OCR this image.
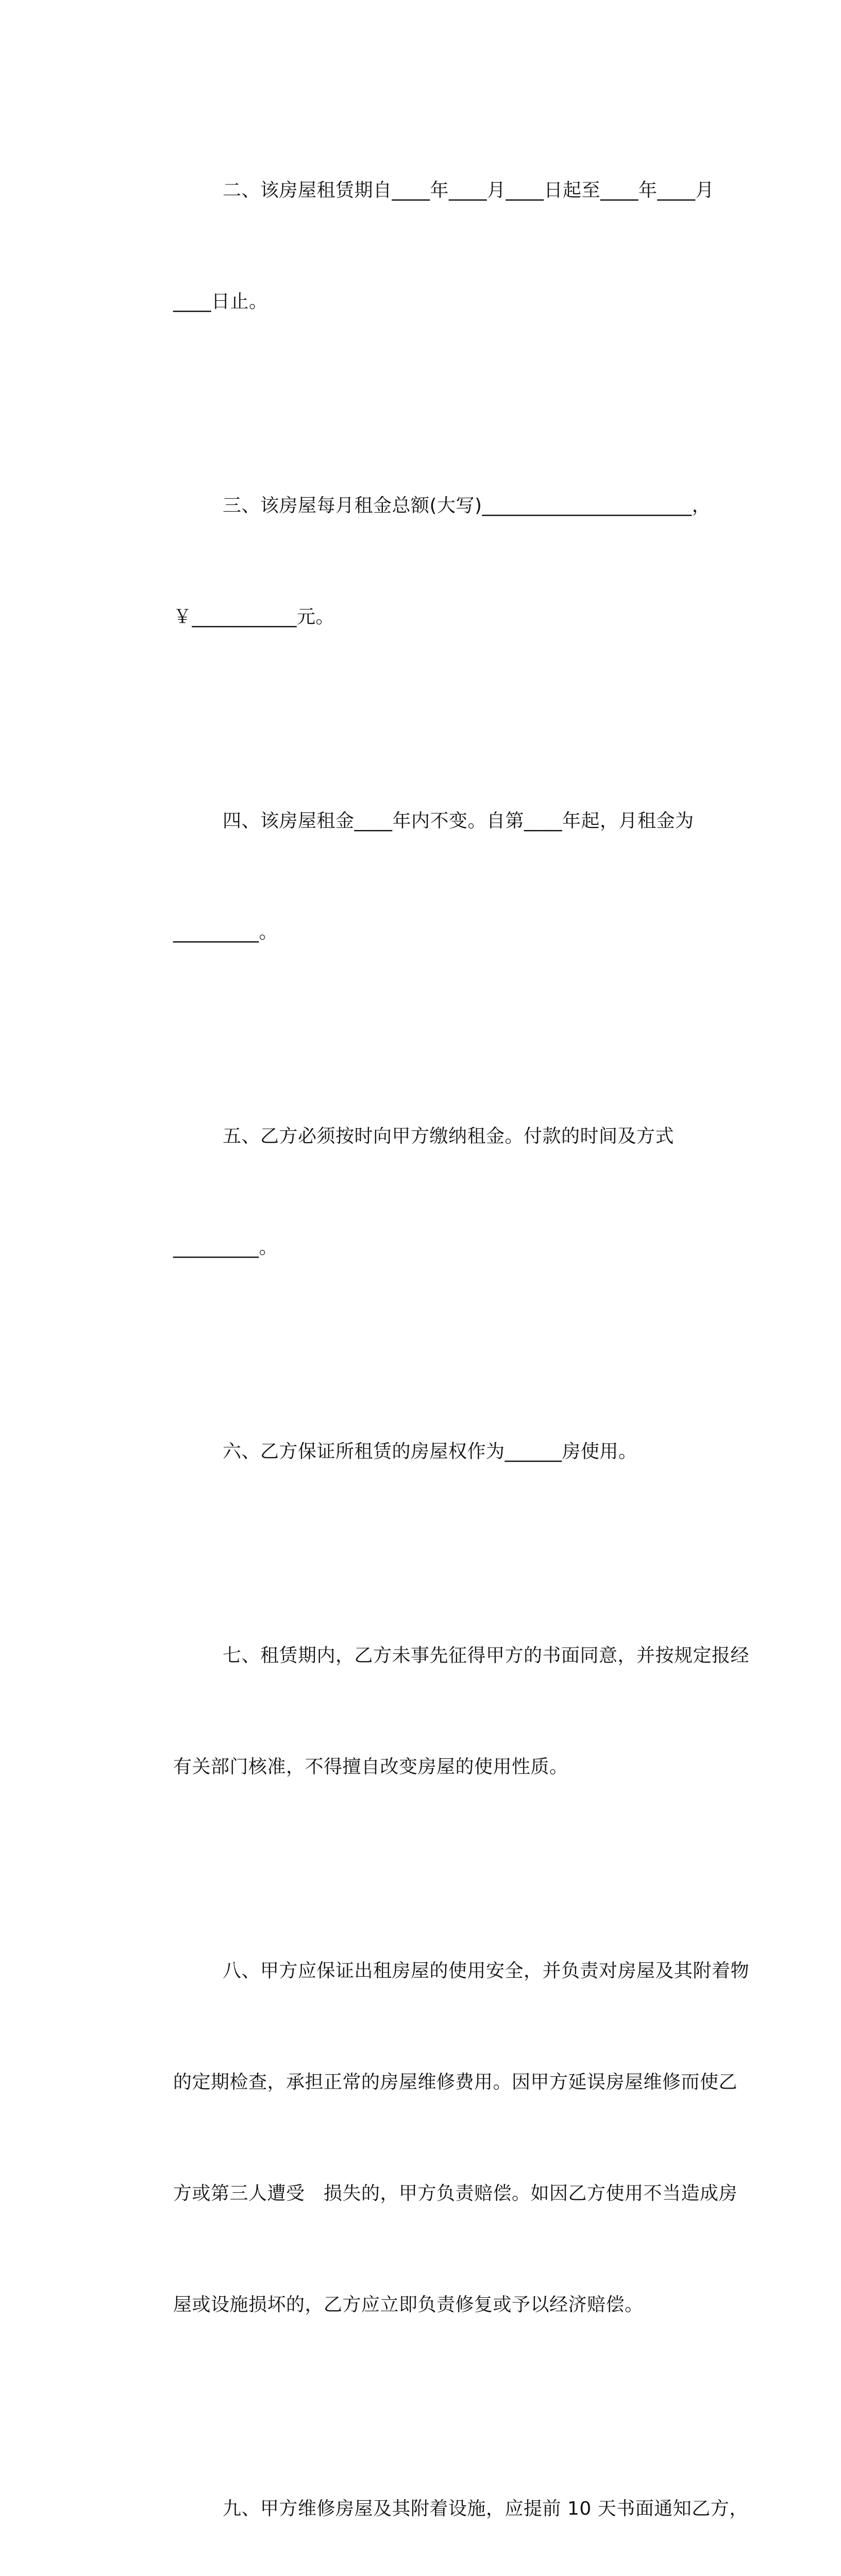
二、该房屋租赁期自____年____月____日起至____年____月

____日止。

三、该房屋每月租金总额(大写)______________________，

￥___________元。

四、该房屋租金____年内不变。自第____年起，月租金为

_________。

五、乙方必须按时向甲方缴纳租金。付款的时间及方式

_________。

六、乙方保证所租赁的房屋权作为______房使用。

七、租赁期内，乙方未事先征得甲方的书面同意，并按规定报经

有关部门核准，不得擅自改变房屋的使用性质。

八、甲方应保证出租房屋的使用安全，并负责对房屋及其附着物

的定期检查，承担正常的房屋维修费用。因甲方延误房屋维修而使乙

方或第三人遭受　损失的，甲方负责赔偿。如因乙方使用不当造成房

屋或设施损坏的，乙方应立即负责修复或予以经济赔偿。

九、甲方维修房屋及其附着设施，应提前 10 天书面通知乙方，
